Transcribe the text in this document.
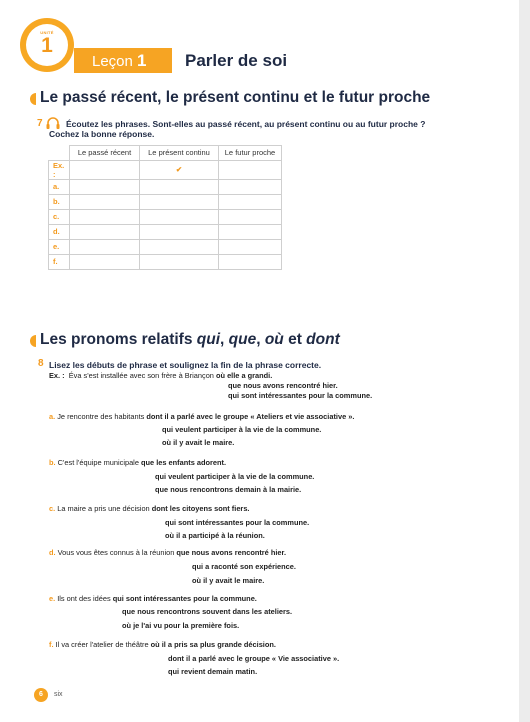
UNITÉ
1
Leçon 1 Parler de soi
Le passé récent, le présent continu et le futur proche
7	Écoutez les phrases. Sont-elles au passé récent, au présent continu ou au futur proche ?
Cochez la bonne réponse.
	Le passé récent	Le présent continu	Le futur proche
Ex. :		✔	
a.			
b.			
c.			
d.			
e.			
f.			
Les pronoms relatifs qui, que, où et dont
8 Lisez les débuts de phrase et soulignez la fin de la phrase correcte.
Ex. : Éva s'est installée avec son frère à Briançon où elle a grandi.
que nous avons rencontré hier.
qui sont intéressantes pour la commune.
a. Je rencontre des habitants dont il a parlé avec le groupe « Ateliers et vie associative ».
qui veulent participer à la vie de la commune.
où il y avait le maire.
b. C'est l'équipe municipale que les enfants adorent.
qui veulent participer à la vie de la commune.
que nous rencontrons demain à la mairie.
c. La maire a pris une décision dont les citoyens sont fiers.
qui sont intéressantes pour la commune.
où il a participé à la réunion.
d. Vous vous êtes connus à la réunion que nous avons rencontré hier.
qui a raconté son expérience.
où il y avait le maire.
e. Ils ont des idées qui sont intéressantes pour la commune.
que nous rencontrons souvent dans les ateliers.
où je l'ai vu pour la première fois.
f. Il va créer l'atelier de théâtre où il a pris sa plus grande décision.
dont il a parlé avec le groupe « Vie associative ».
qui revient demain matin.
6	six
